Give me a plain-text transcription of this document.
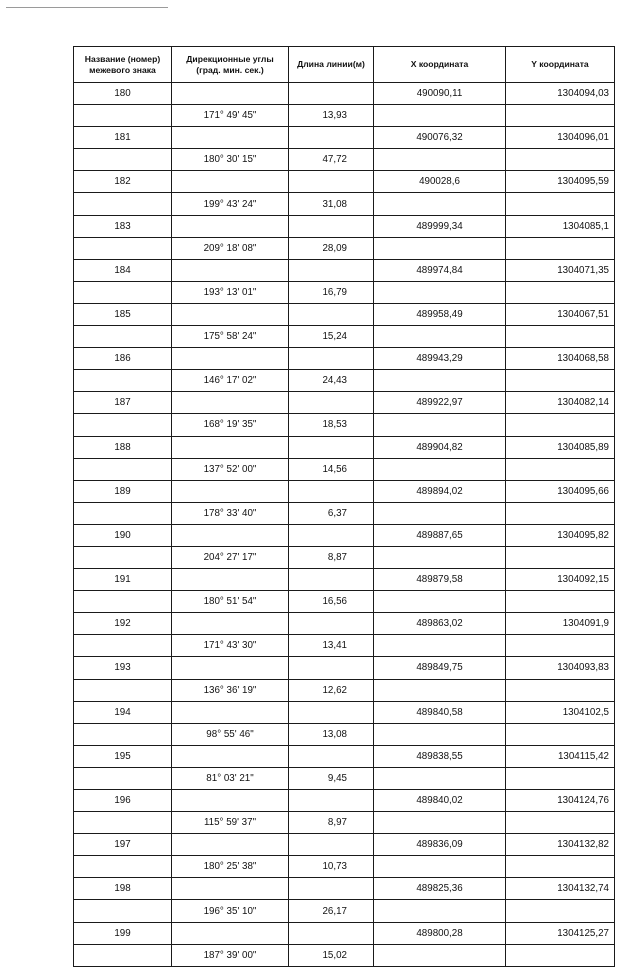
Название (номер)
межевого знака	Дирекционные углы
(град. мин. сек.)	Длина линии(м)	Х координата	Y координата
180			490090,11	1304094,03
	171° 49' 45"	13,93		
181			490076,32	1304096,01
	180° 30' 15"	47,72		
182			490028,6	1304095,59
	199° 43' 24"	31,08		
183			489999,34	1304085,1
	209° 18' 08"	28,09		
184			489974,84	1304071,35
	193° 13' 01"	16,79		
185			489958,49	1304067,51
	175° 58' 24"	15,24		
186			489943,29	1304068,58
	146° 17' 02"	24,43		
187			489922,97	1304082,14
	168° 19' 35"	18,53		
188			489904,82	1304085,89
	137° 52' 00"	14,56		
189			489894,02	1304095,66
	178° 33' 40"	6,37		
190			489887,65	1304095,82
	204° 27' 17"	8,87		
191			489879,58	1304092,15
	180° 51' 54"	16,56		
192			489863,02	1304091,9
	171° 43' 30"	13,41		
193			489849,75	1304093,83
	136° 36' 19"	12,62		
194			489840,58	1304102,5
	98° 55' 46"	13,08		
195			489838,55	1304115,42
	81° 03' 21"	9,45		
196			489840,02	1304124,76
	115° 59' 37"	8,97		
197			489836,09	1304132,82
	180° 25' 38"	10,73		
198			489825,36	1304132,74
	196° 35' 10"	26,17		
199			489800,28	1304125,27
	187° 39' 00"	15,02		
